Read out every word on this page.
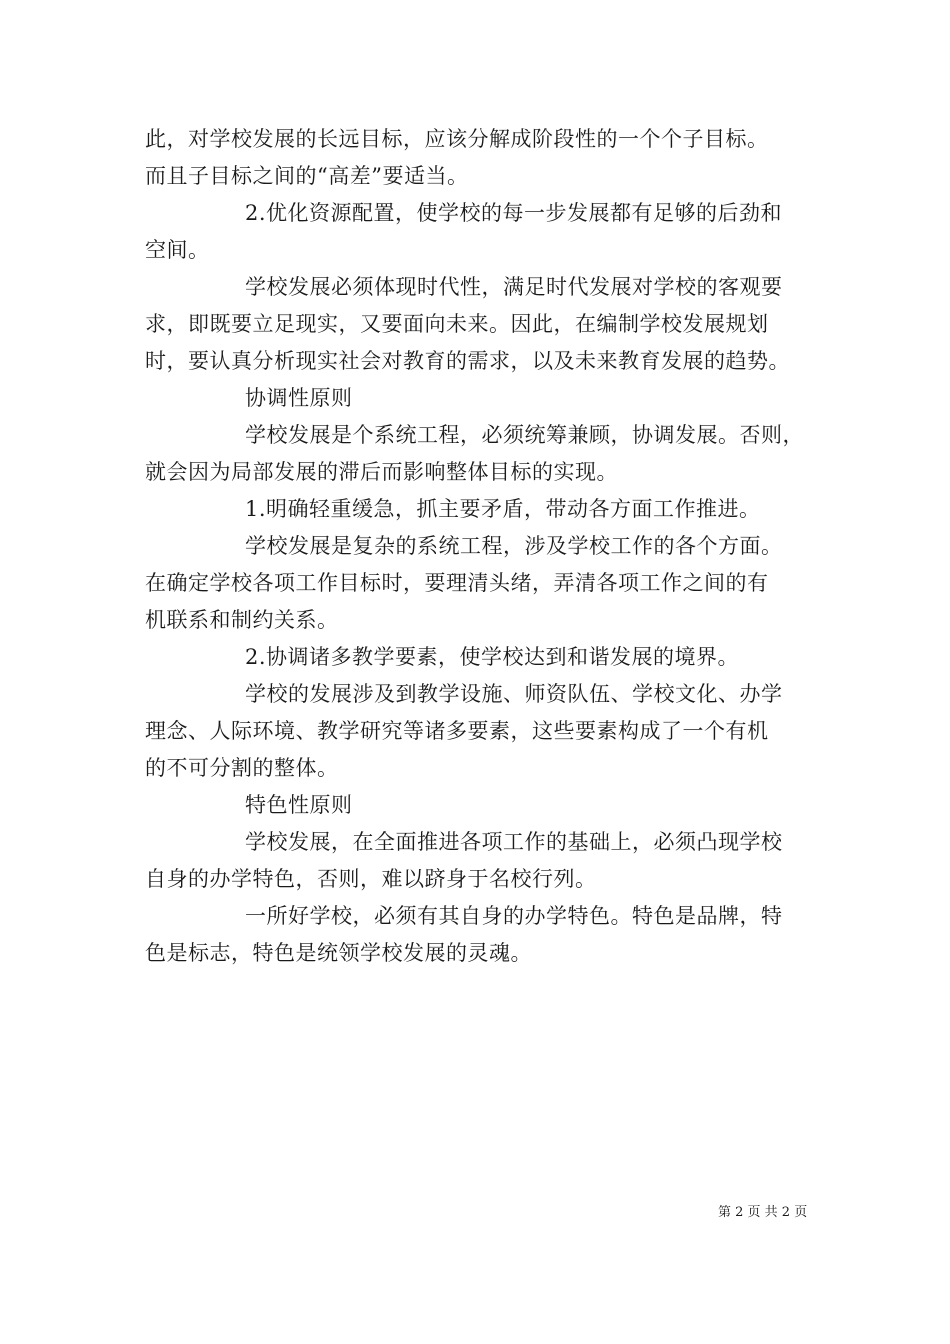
此，对学校发展的长远目标，应该分解成阶段性的一个个子目标。
而且子目标之间的“高差”要适当。
2.优化资源配置，使学校的每一步发展都有足够的后劲和
空间。
学校发展必须体现时代性，满足时代发展对学校的客观要
求，即既要立足现实，又要面向未来。因此，在编制学校发展规划
时，要认真分析现实社会对教育的需求，以及未来教育发展的趋势。
协调性原则
学校发展是个系统工程，必须统筹兼顾，协调发展。否则，
就会因为局部发展的滞后而影响整体目标的实现。
1.明确轻重缓急，抓主要矛盾，带动各方面工作推进。
学校发展是复杂的系统工程，涉及学校工作的各个方面。
在确定学校各项工作目标时，要理清头绪，弄清各项工作之间的有
机联系和制约关系。
2.协调诸多教学要素，使学校达到和谐发展的境界。
学校的发展涉及到教学设施、师资队伍、学校文化、办学
理念、人际环境、教学研究等诸多要素，这些要素构成了一个有机
的不可分割的整体。
特色性原则
学校发展，在全面推进各项工作的基础上，必须凸现学校
自身的办学特色，否则，难以跻身于名校行列。
一所好学校，必须有其自身的办学特色。特色是品牌，特
色是标志，特色是统领学校发展的灵魂。
第 2 页 共 2 页
